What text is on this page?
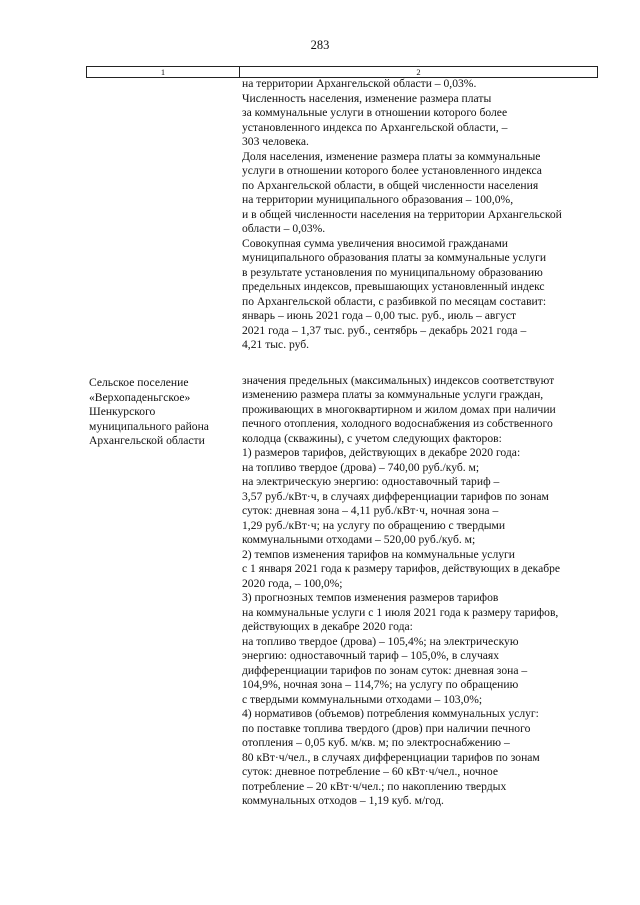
283
1	2
на территории Архангельской области – 0,03%.
Численность населения, изменение размера платы
за коммунальные услуги в отношении которого более
установленного индекса по Архангельской области, –
303 человека.
Доля населения, изменение размера платы за коммунальные
услуги в отношении которого более установленного индекса
по Архангельской области, в общей численности населения
на территории муниципального образования – 100,0%,
и в общей численности населения на территории Архангельской
области – 0,03%.
Совокупная сумма увеличения вносимой гражданами
муниципального образования платы за коммунальные услуги
в результате установления по муниципальному образованию
предельных индексов, превышающих установленный индекс
по Архангельской области, с разбивкой по месяцам составит:
январь – июнь 2021 года – 0,00 тыс. руб., июль – август
2021 года – 1,37 тыс. руб., сентябрь – декабрь 2021 года –
4,21 тыс. руб.
значения предельных (максимальных) индексов соответствуют
изменению размера платы за коммунальные услуги граждан,
проживающих в многоквартирном и жилом домах при наличии
печного отопления, холодного водоснабжения из собственного
колодца (скважины), с учетом следующих факторов:
1) размеров тарифов, действующих в декабре 2020 года:
на топливо твердое (дрова) – 740,00 руб./куб. м;
на электрическую энергию: одноставочный тариф –
3,57 руб./кВт·ч, в случаях дифференциации тарифов по зонам
суток: дневная зона – 4,11 руб./кВт·ч, ночная зона –
1,29 руб./кВт·ч; на услугу по обращению с твердыми
коммунальными отходами – 520,00 руб./куб. м;
2) темпов изменения тарифов на коммунальные услуги
с 1 января 2021 года к размеру тарифов, действующих в декабре
2020 года, – 100,0%;
3) прогнозных темпов изменения размеров тарифов
на коммунальные услуги с 1 июля 2021 года к размеру тарифов,
действующих в декабре 2020 года:
на топливо твердое (дрова) – 105,4%; на электрическую
энергию: одноставочный тариф – 105,0%, в случаях
дифференциации тарифов по зонам суток: дневная зона –
104,9%, ночная зона – 114,7%; на услугу по обращению
с твердыми коммунальными отходами – 103,0%;
4) нормативов (объемов) потребления коммунальных услуг:
по поставке топлива твердого (дров) при наличии печного
отопления – 0,05 куб. м/кв. м; по электроснабжению –
80 кВт·ч/чел., в случаях дифференциации тарифов по зонам
суток: дневное потребление – 60 кВт·ч/чел., ночное
потребление – 20 кВт·ч/чел.; по накоплению твердых
коммунальных отходов – 1,19 куб. м/год.
Сельское поселение
«Верхопаденьгское»
Шенкурского
муниципального района
Архангельской области
